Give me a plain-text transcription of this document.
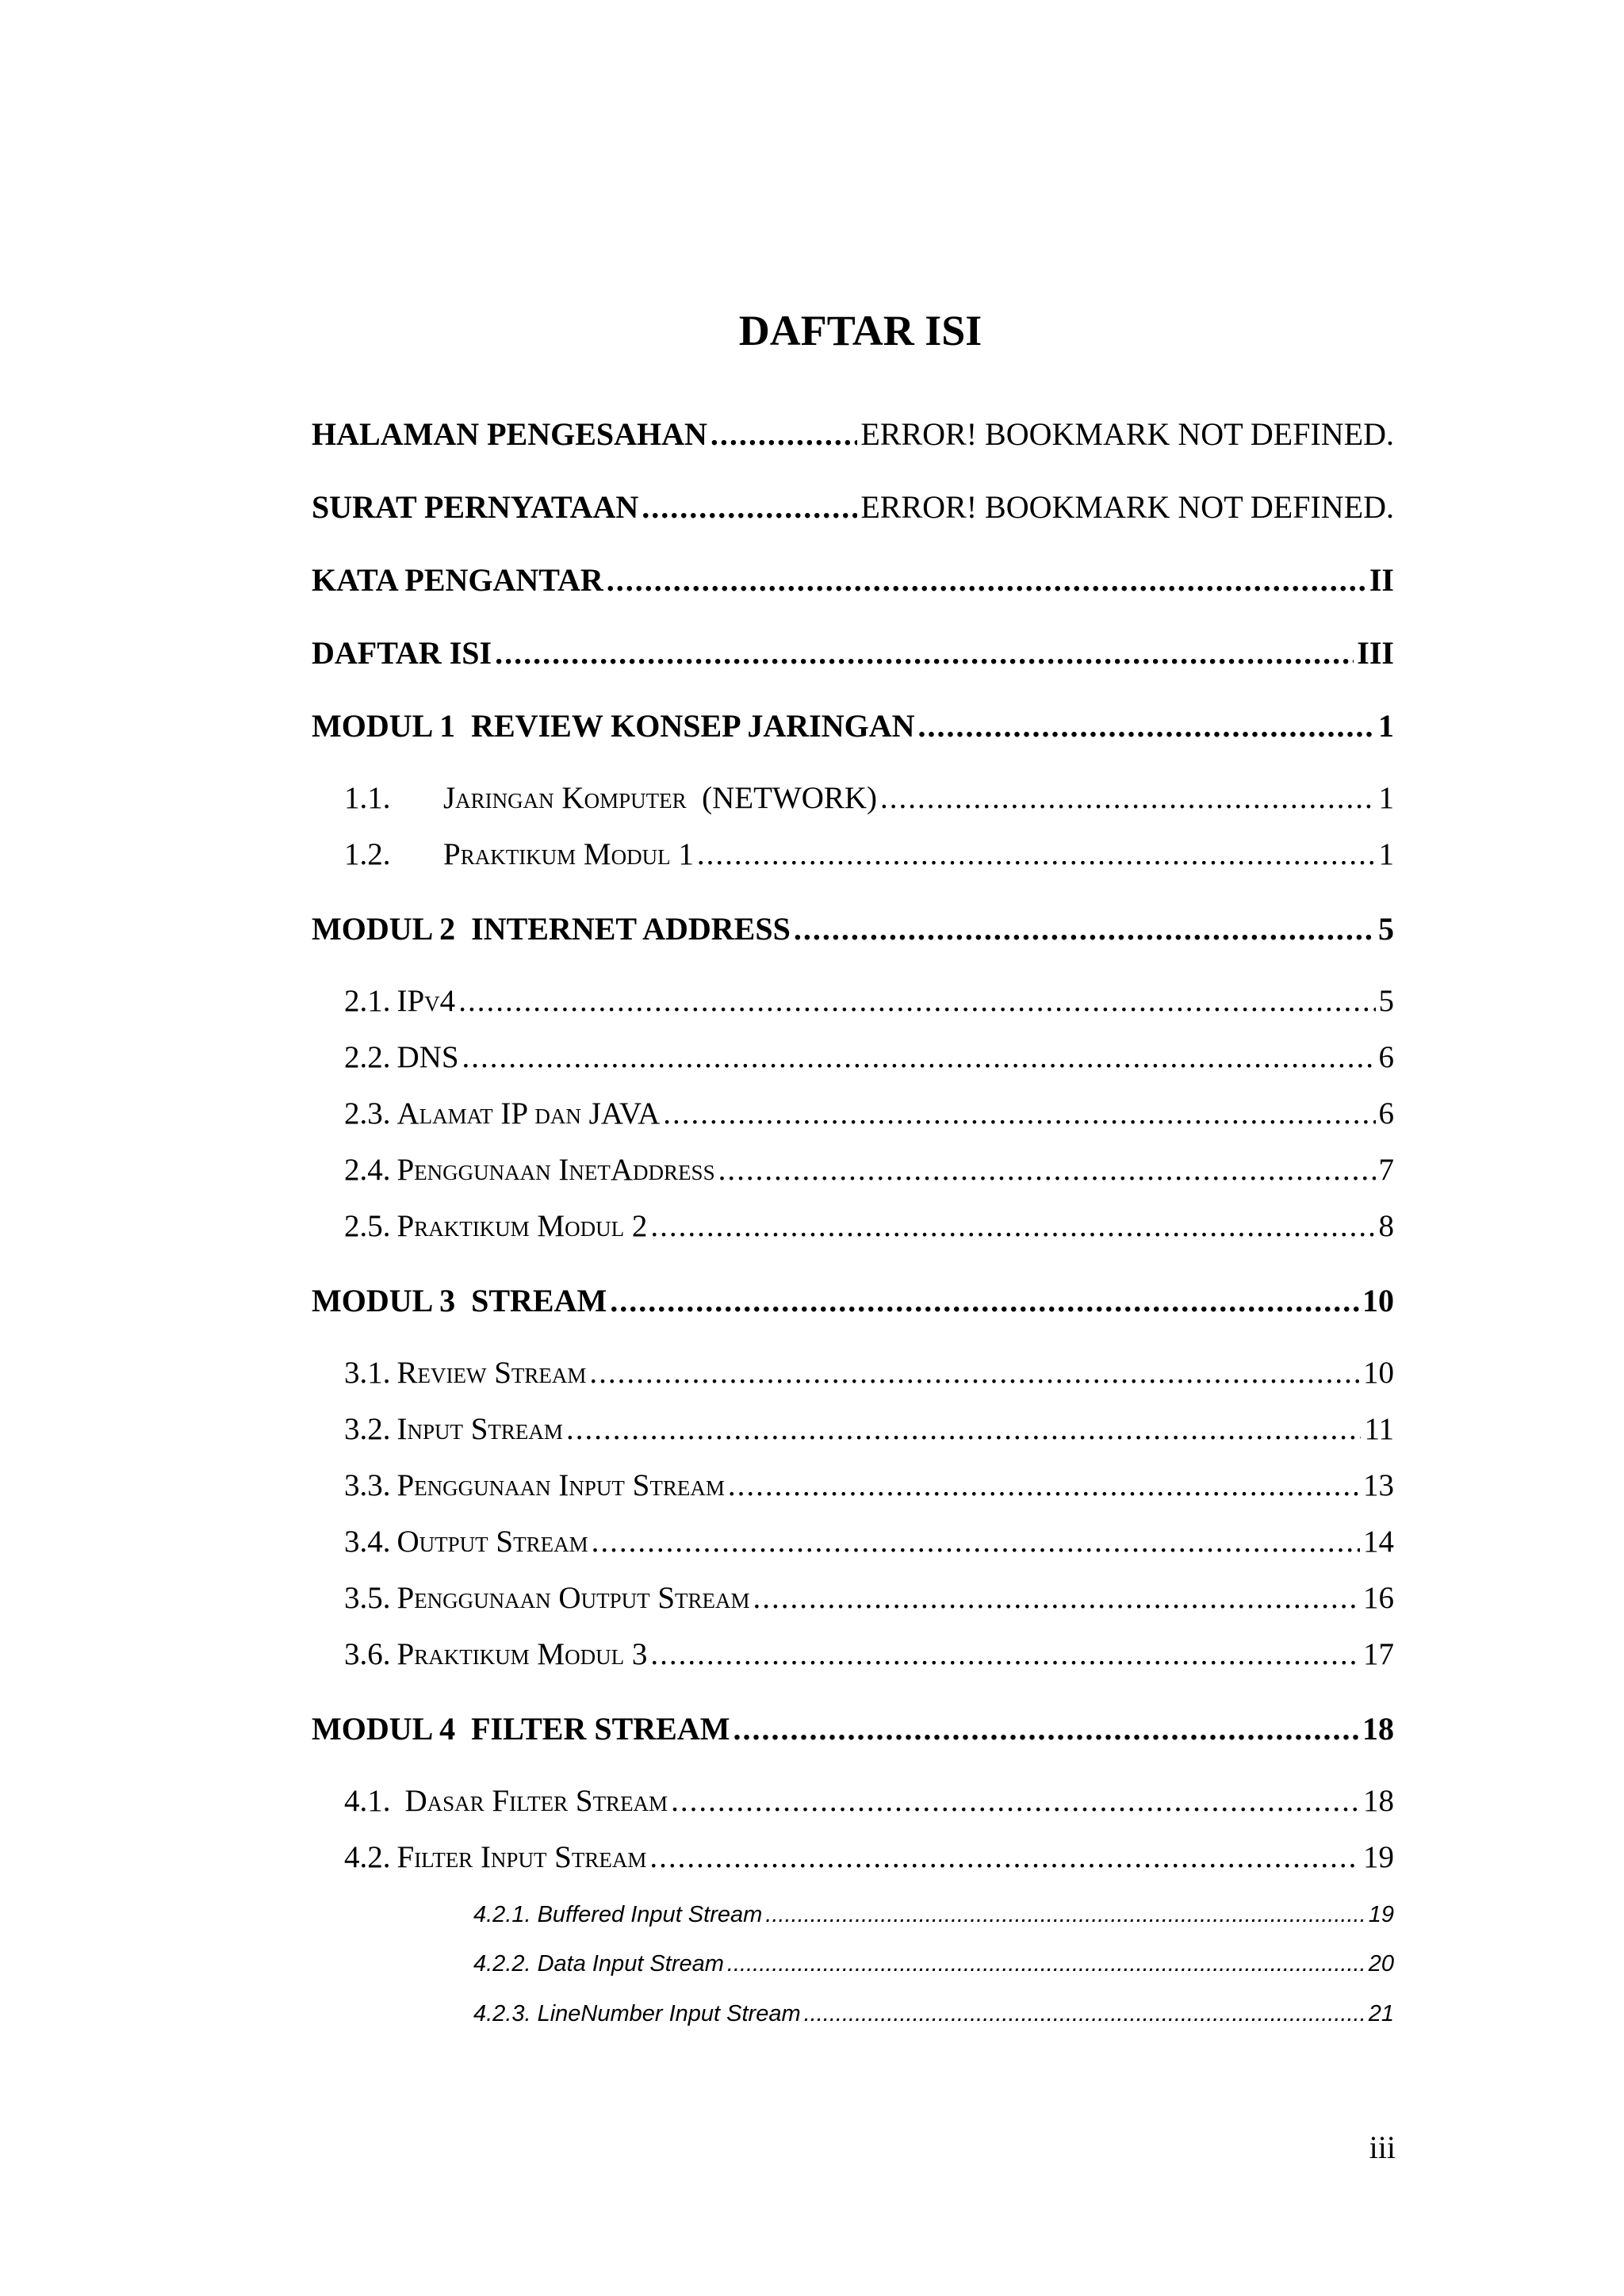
DAFTAR ISI
HALAMAN PENGESAHAN .....	ERROR! BOOKMARK NOT DEFINED.
SURAT PERNYATAAN .....	ERROR! BOOKMARK NOT DEFINED.
KATA PENGANTAR .....	II
DAFTAR ISI .....	III
MODUL 1  REVIEW KONSEP JARINGAN .....	1
1.1.	Jaringan Komputer  (NETWORK) .....	1
1.2.	Praktikum Modul 1 .....	1
MODUL 2  INTERNET ADDRESS .....	5
2.1. IPv4 .....	5
2.2. DNS .....	6
2.3. Alamat IP dan JAVA .....	6
2.4. Penggunaan InetAddress .....	7
2.5. Praktikum Modul 2 .....	8
MODUL 3  STREAM .....	10
3.1. Review Stream .....	10
3.2. Input Stream .....	11
3.3. Penggunaan Input Stream .....	13
3.4. Output Stream .....	14
3.5. Penggunaan Output Stream .....	16
3.6. Praktikum Modul 3 .....	17
MODUL 4  FILTER STREAM .....	18
4.1. Dasar Filter Stream .....	18
4.2. Filter Input Stream .....	19
4.2.1. Buffered Input Stream .....	19
4.2.2. Data Input Stream .....	20
4.2.3. LineNumber Input Stream .....	21
iii
